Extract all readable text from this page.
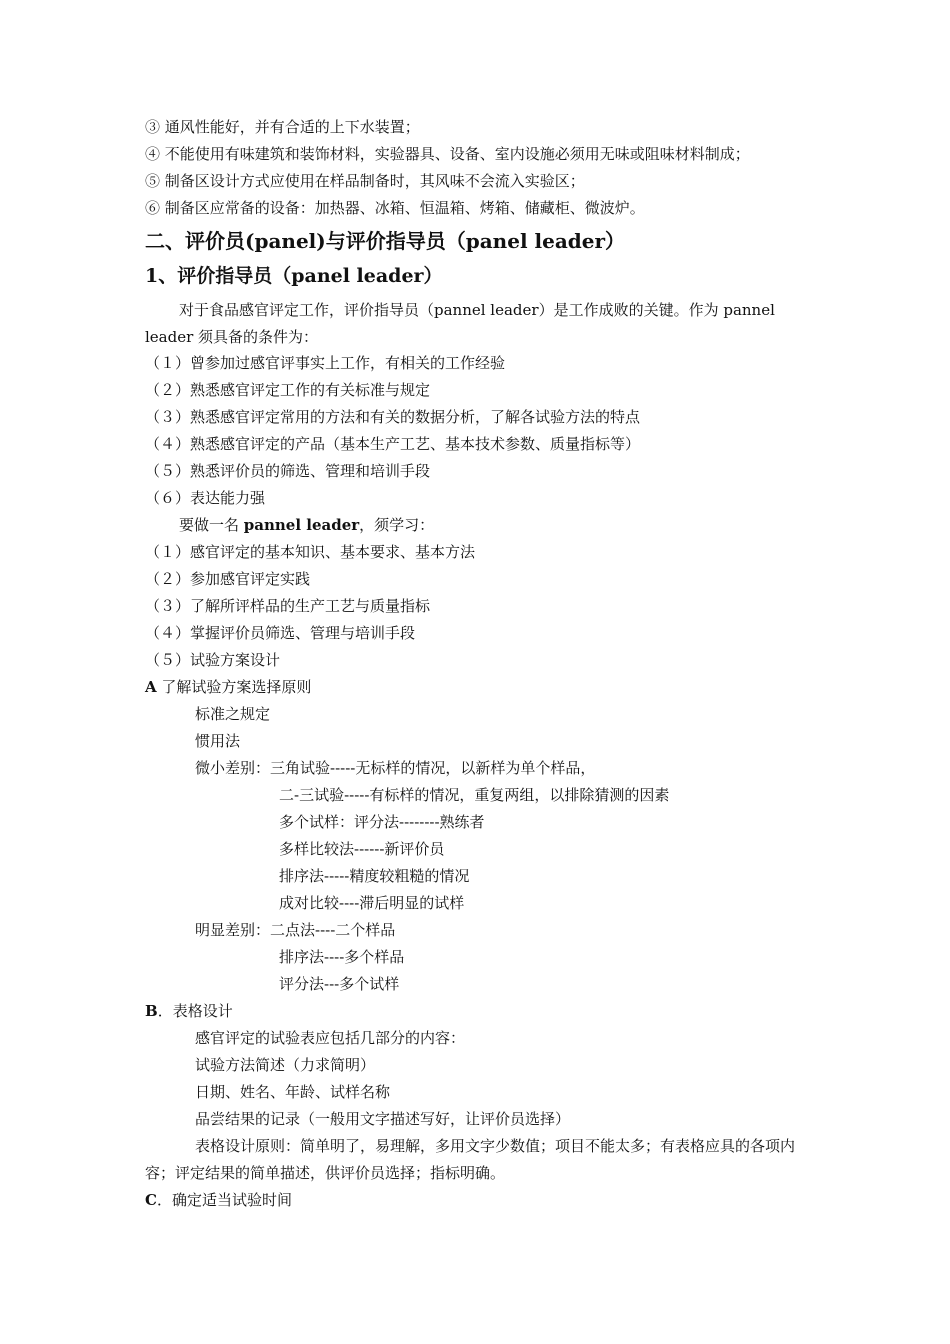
③ 通风性能好，并有合适的上下水装置；
④ 不能使用有味建筑和装饰材料，实验器具、设备、室内设施必须用无味或阻味材料制成；
⑤ 制备区设计方式应使用在样品制备时，其风味不会流入实验区；
⑥ 制备区应常备的设备：加热器、冰箱、恒温箱、烤箱、储藏柜、微波炉。
二、评价员(panel)与评价指导员（panel leader）
1、评价指导员（panel leader）
对于食品感官评定工作，评价指导员（pannel leader）是工作成败的关键。作为 pannel leader 须具备的条件为：
（１）曾参加过感官评事实上工作，有相关的工作经验
（２）熟悉感官评定工作的有关标准与规定
（３）熟悉感官评定常用的方法和有关的数据分析，了解各试验方法的特点
（４）熟悉感官评定的产品（基本生产工艺、基本技术参数、质量指标等）
（５）熟悉评价员的筛选、管理和培训手段
（６）表达能力强
要做一名 pannel leader，须学习：
（１）感官评定的基本知识、基本要求、基本方法
（２）参加感官评定实践
（３）了解所评样品的生产工艺与质量指标
（４）掌握评价员筛选、管理与培训手段
（５）试验方案设计
A 了解试验方案选择原则
标准之规定
惯用法
微小差别：三角试验-----无标样的情况，以新样为单个样品，
二-三试验-----有标样的情况，重复两组，以排除猜测的因素
多个试样：评分法--------熟练者
多样比较法------新评价员
排序法-----精度较粗糙的情况
成对比较----滞后明显的试样
明显差别：二点法----二个样品
排序法----多个样品
评分法---多个试样
B．表格设计
感官评定的试验表应包括几部分的内容：
试验方法简述（力求简明）
日期、姓名、年龄、试样名称
品尝结果的记录（一般用文字描述写好，让评价员选择）
表格设计原则：简单明了，易理解，多用文字少数值；项目不能太多；有表格应具的各项内容；评定结果的简单描述，供评价员选择；指标明确。
C．确定适当试验时间
